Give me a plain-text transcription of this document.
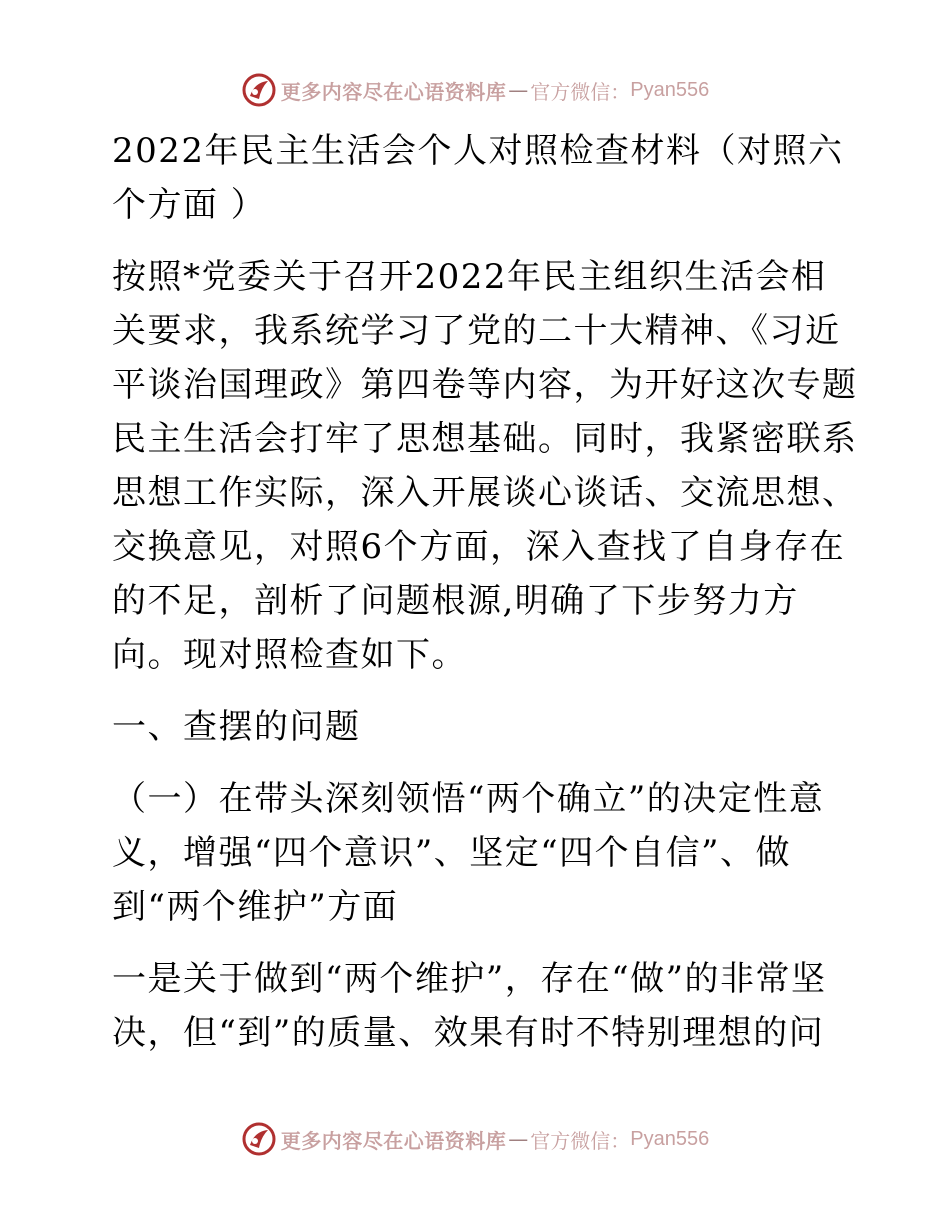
更多内容尽在心语资料库 — 官方微信： Pyan556

2022年民主生活会个人对照检查材料（对照六个方面 ）

按照*党委关于召开2022年民主组织生活会相关要求，我系统学习了党的二十大精神、《习近平谈治国理政》第四卷等内容，为开好这次专题民主生活会打牢了思想基础。同时，我紧密联系思想工作实际，深入开展谈心谈话、交流思想、交换意见，对照6个方面，深入查找了自身存在的不足，剖析了问题根源,明确了下步努力方向。现对照检查如下。

一、查摆的问题

（一）在带头深刻领悟“两个确立”的决定性意义，增强“四个意识”、坚定“四个自信”、做到“两个维护”方面

一是关于做到“两个维护”，存在“做”的非常坚决，但“到”的质量、效果有时不特别理想的问

更多内容尽在心语资料库 — 官方微信： Pyan556
